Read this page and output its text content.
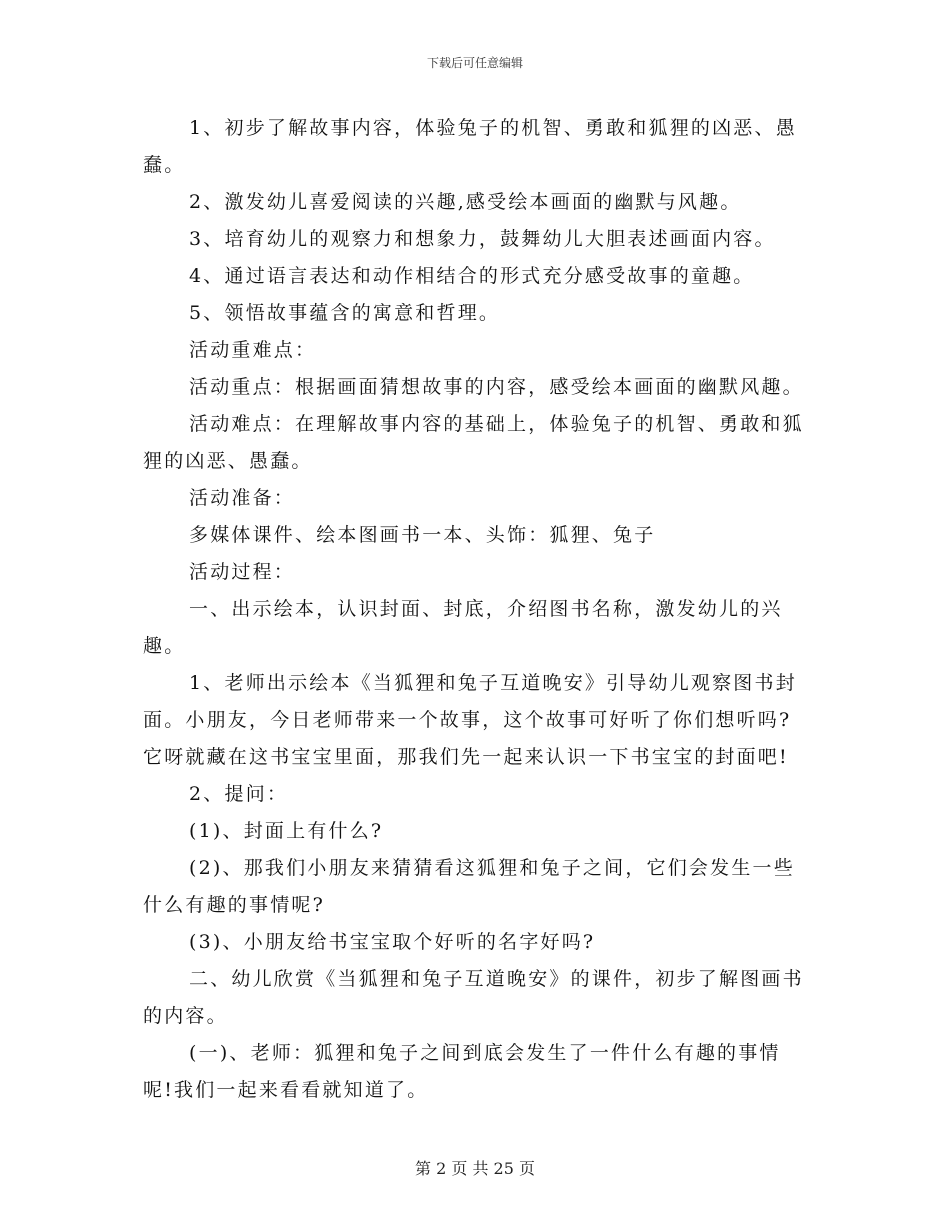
下载后可任意编辑

1、初步了解故事内容，体验兔子的机智、勇敢和狐狸的凶恶、愚蠢。

2、激发幼儿喜爱阅读的兴趣,感受绘本画面的幽默与风趣。

3、培育幼儿的观察力和想象力，鼓舞幼儿大胆表述画面内容。

4、通过语言表达和动作相结合的形式充分感受故事的童趣。

5、领悟故事蕴含的寓意和哲理。

活动重难点：

活动重点：根据画面猜想故事的内容，感受绘本画面的幽默风趣。

活动难点：在理解故事内容的基础上，体验兔子的机智、勇敢和狐狸的凶恶、愚蠢。

活动准备：

多媒体课件、绘本图画书一本、头饰：狐狸、兔子

活动过程：

一、出示绘本，认识封面、封底，介绍图书名称，激发幼儿的兴趣。

1、老师出示绘本《当狐狸和兔子互道晚安》引导幼儿观察图书封面。小朋友，今日老师带来一个故事，这个故事可好听了你们想听吗?它呀就藏在这书宝宝里面，那我们先一起来认识一下书宝宝的封面吧!

2、提问：

(1)、封面上有什么?

(2)、那我们小朋友来猜猜看这狐狸和兔子之间，它们会发生一些什么有趣的事情呢?

(3)、小朋友给书宝宝取个好听的名字好吗?

二、幼儿欣赏《当狐狸和兔子互道晚安》的课件，初步了解图画书的内容。

(一)、老师：狐狸和兔子之间到底会发生了一件什么有趣的事情呢!我们一起来看看就知道了。

第 2 页 共 25 页
